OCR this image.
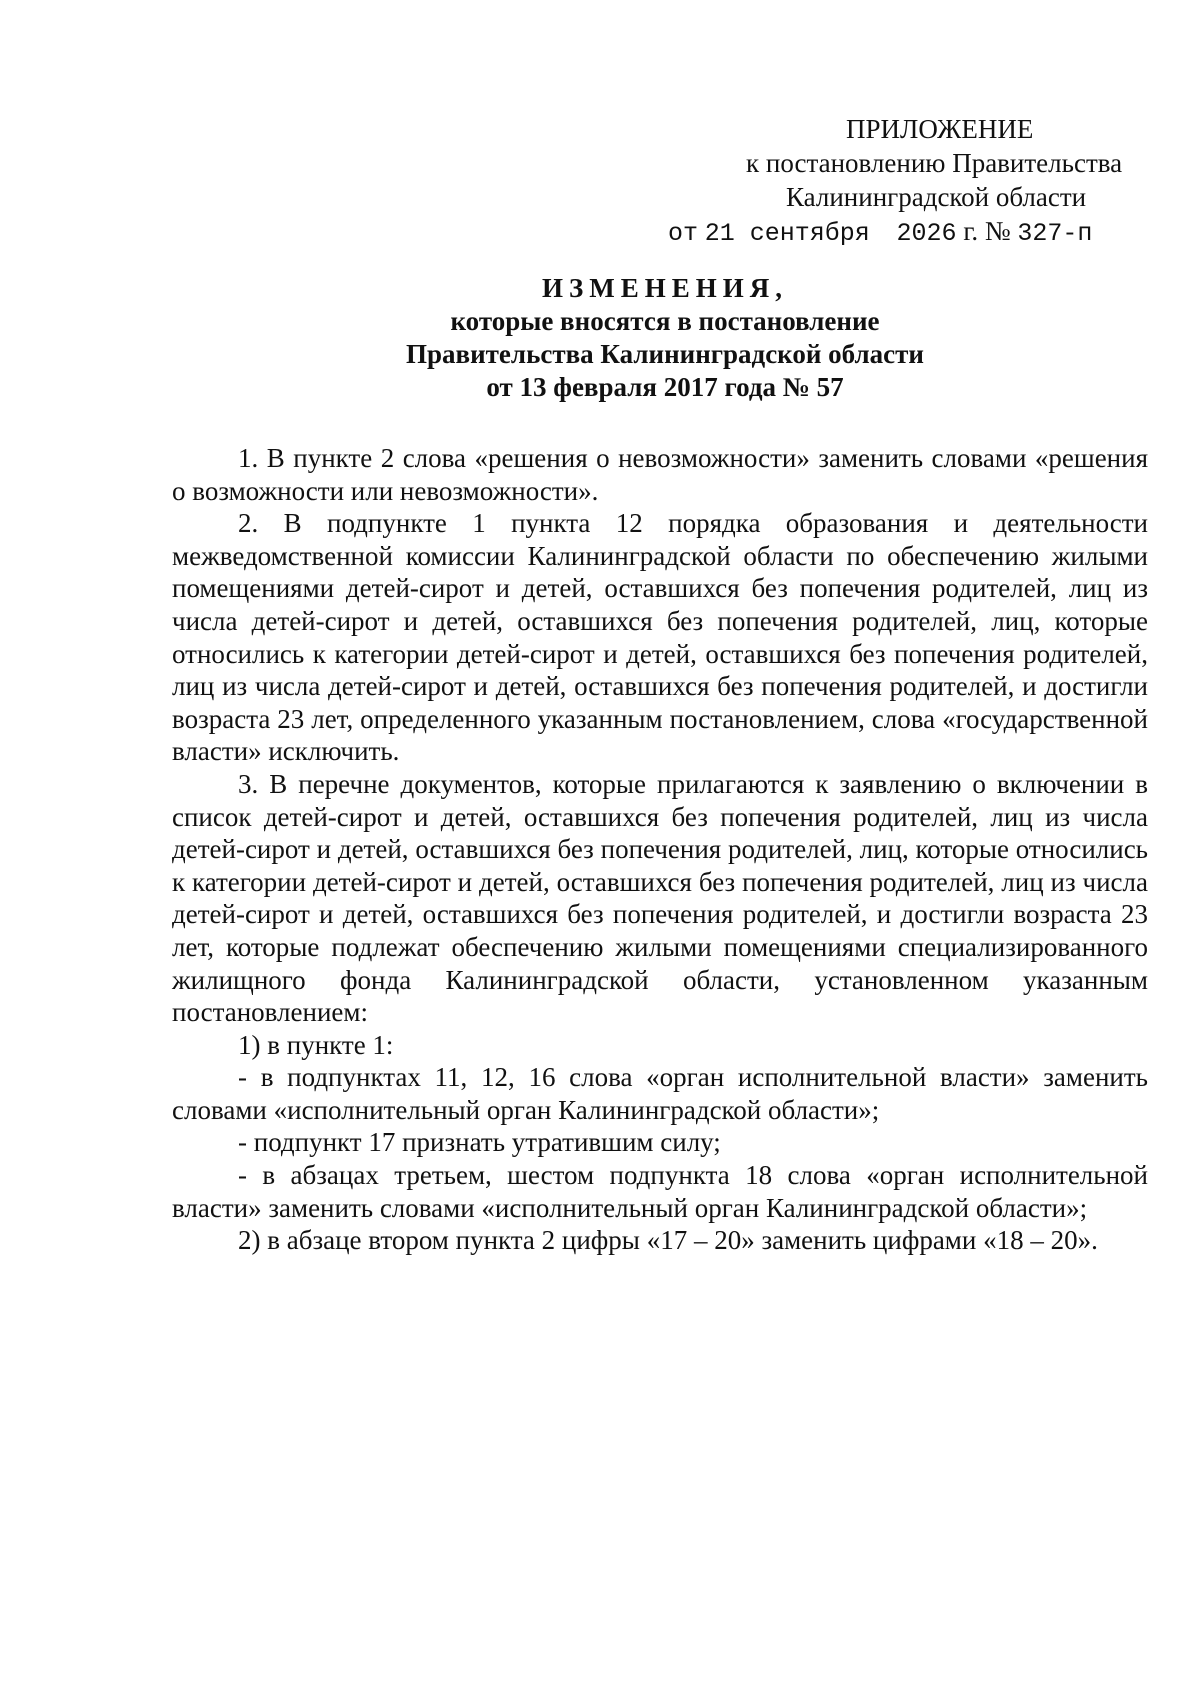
ПРИЛОЖЕНИЕ
к постановлению Правительства
Калининградской области
от 21 сентября 2026 г. № 327-п
ИЗМЕНЕНИЯ,
которые вносятся в постановление
Правительства Калининградской области
от 13 февраля 2017 года № 57

1. В пункте 2 слова «решения о невозможности» заменить словами «решения о возможности или невозможности».

2. В подпункте 1 пункта 12 порядка образования и деятельности межведомственной комиссии Калининградской области по обеспечению жилыми помещениями детей-сирот и детей, оставшихся без попечения родителей, лиц из числа детей-сирот и детей, оставшихся без попечения родителей, лиц, которые относились к категории детей-сирот и детей, оставшихся без попечения родителей, лиц из числа детей-сирот и детей, оставшихся без попечения родителей, и достигли возраста 23 лет, определенного указанным постановлением, слова «государственной власти» исключить.

3. В перечне документов, которые прилагаются к заявлению о включении в список детей-сирот и детей, оставшихся без попечения родителей, лиц из числа детей-сирот и детей, оставшихся без попечения родителей, лиц, которые относились к категории детей-сирот и детей, оставшихся без попечения родителей, лиц из числа детей-сирот и детей, оставшихся без попечения родителей, и достигли возраста 23 лет, которые подлежат обеспечению жилыми помещениями специализированного жилищного фонда Калининградской области, установленном указанным постановлением:

1) в пункте 1:

- в подпунктах 11, 12, 16 слова «орган исполнительной власти» заменить словами «исполнительный орган Калининградской области»;

- подпункт 17 признать утратившим силу;

- в абзацах третьем, шестом подпункта 18 слова «орган исполнительной власти» заменить словами «исполнительный орган Калининградской области»;

2) в абзаце втором пункта 2 цифры «17 – 20» заменить цифрами «18 – 20».
